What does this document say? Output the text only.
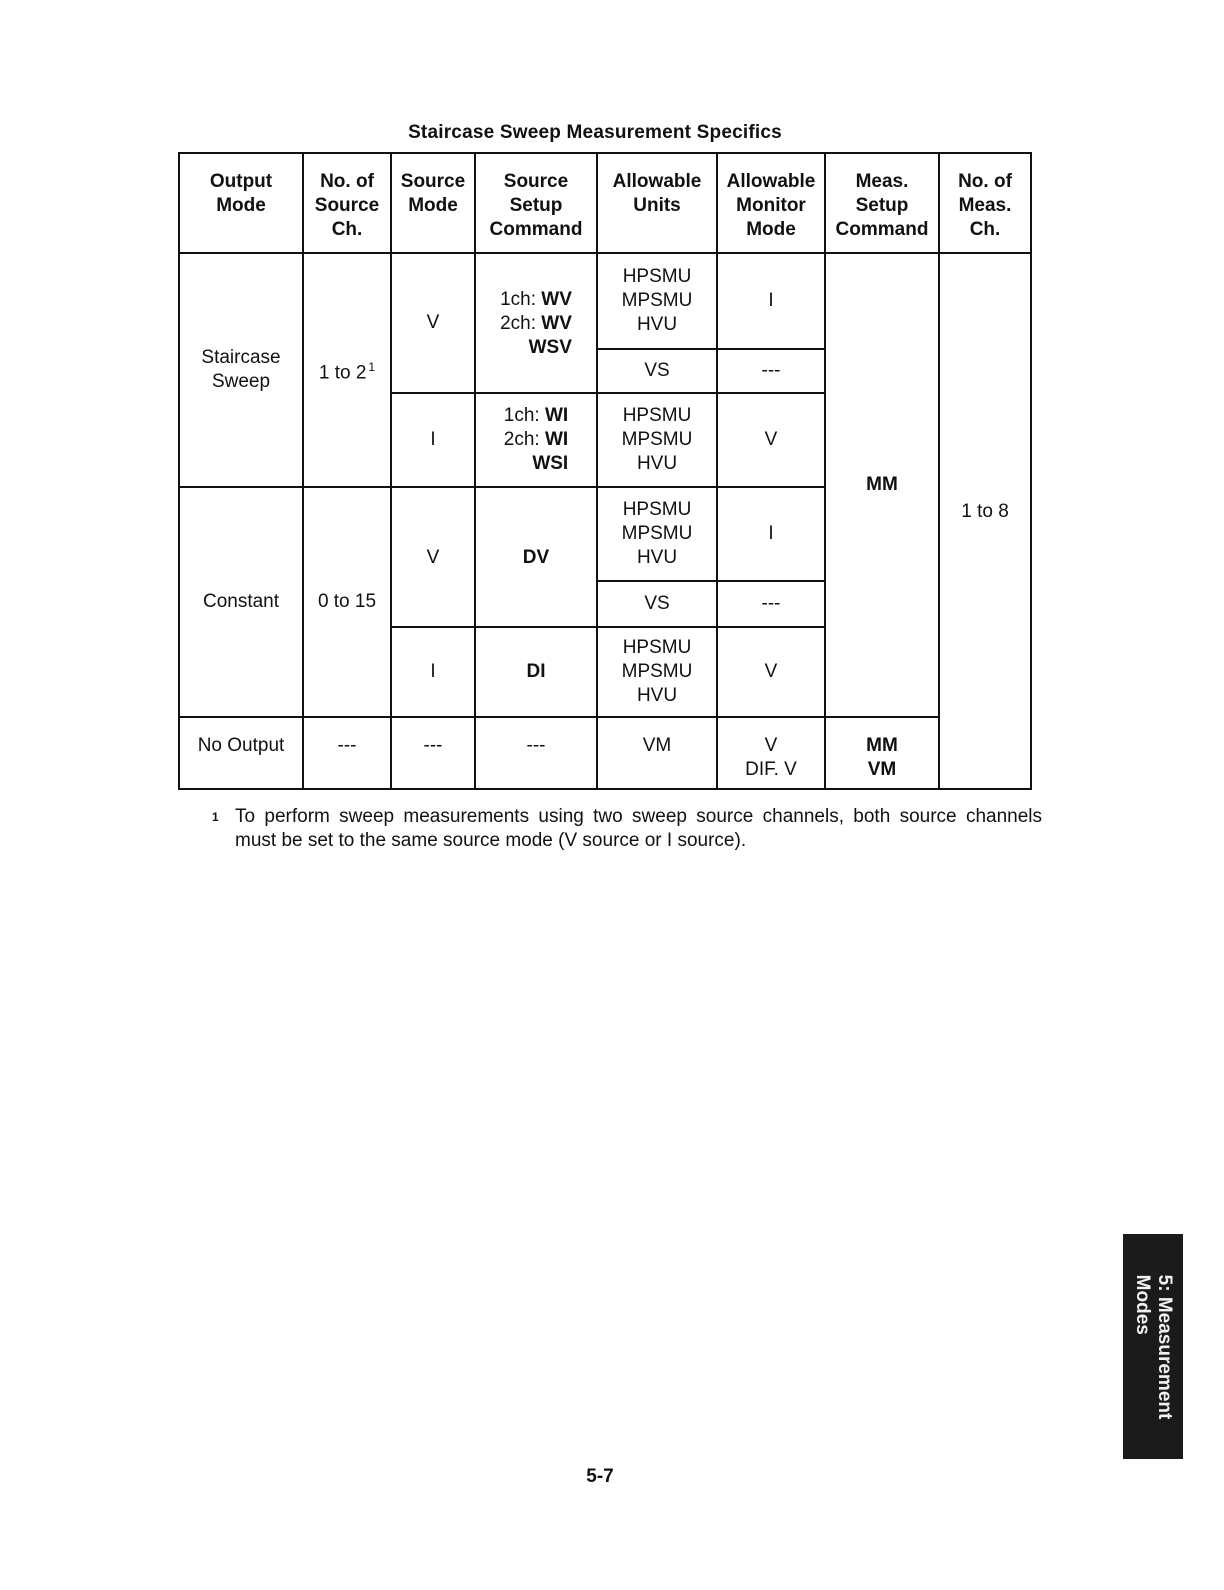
Staircase Sweep Measurement Specifics
Output
Mode	No. of
Source
Ch.	Source
Mode	Source
Setup
Command	Allowable
Units	Allowable
Monitor
Mode	Meas.
Setup
Command	No. of
Meas.
Ch.

Staircase
Sweep	1 to 2 $^1$	V	1ch: WV
2ch: WV
WSV	HPSMU
MPSMU
HVU	I	MM	1 to 8
				VS	---		
		I	1ch: WI
2ch: WI
WSI	HPSMU
MPSMU
HVU	V		

Constant	0 to 15	V	DV	HPSMU
MPSMU
HVU	I		
				VS	---		
		I	DI	HPSMU
MPSMU
HVU	V		

No Output	---	---	---	VM	V
DIF. V	MM
VM	
1 To perform sweep measurements using two sweep source channels, both source channels must be set to the same source mode (V source or I source).
5-7
5: Measurement
Modes
